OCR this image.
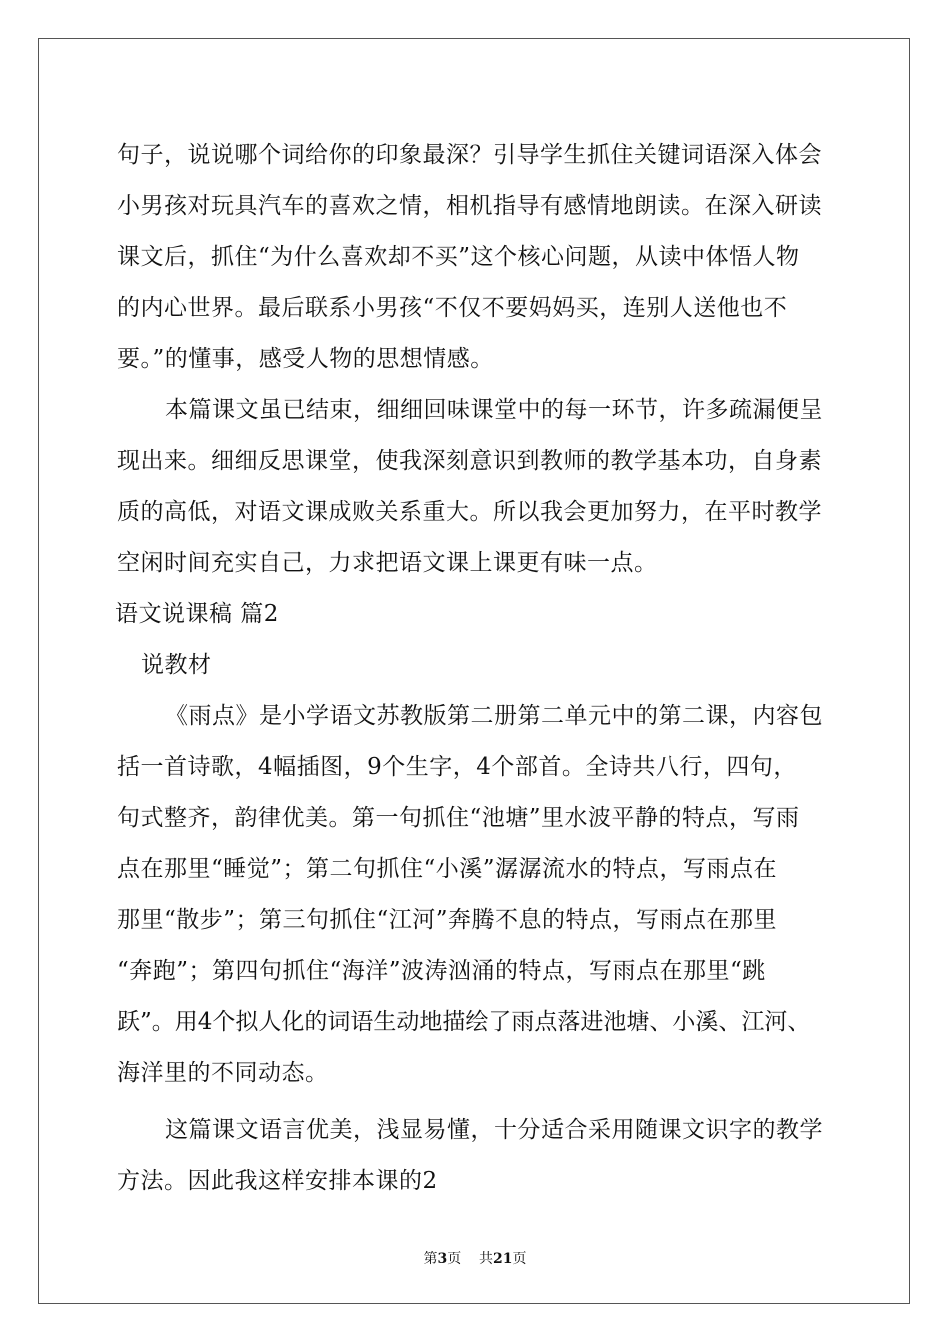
句子，说说哪个词给你的印象最深？引导学生抓住关键词语深入体会
小男孩对玩具汽车的喜欢之情，相机指导有感情地朗读。在深入研读
课文后，抓住“为什么喜欢却不买”这个核心问题，从读中体悟人物
的内心世界。最后联系小男孩“不仅不要妈妈买，连别人送他也不
要。”的懂事，感受人物的思想情感。
本篇课文虽已结束，细细回味课堂中的每一环节，许多疏漏便呈
现出来。细细反思课堂，使我深刻意识到教师的教学基本功，自身素
质的高低，对语文课成败关系重大。所以我会更加努力，在平时教学
空闲时间充实自己，力求把语文课上课更有味一点。
语文说课稿 篇2
说教材
《雨点》是小学语文苏教版第二册第二单元中的第二课，内容包
括一首诗歌，4幅插图，9个生字，4个部首。全诗共八行，四句，
句式整齐，韵律优美。第一句抓住“池塘”里水波平静的特点，写雨
点在那里“睡觉”；第二句抓住“小溪”潺潺流水的特点，写雨点在
那里“散步”；第三句抓住“江河”奔腾不息的特点，写雨点在那里
“奔跑”；第四句抓住“海洋”波涛汹涌的特点，写雨点在那里“跳
跃”。用4个拟人化的词语生动地描绘了雨点落进池塘、小溪、江河、
海洋里的不同动态。
这篇课文语言优美，浅显易懂，十分适合采用随课文识字的教学
方法。因此我这样安排本课的2
第3页 共21页
